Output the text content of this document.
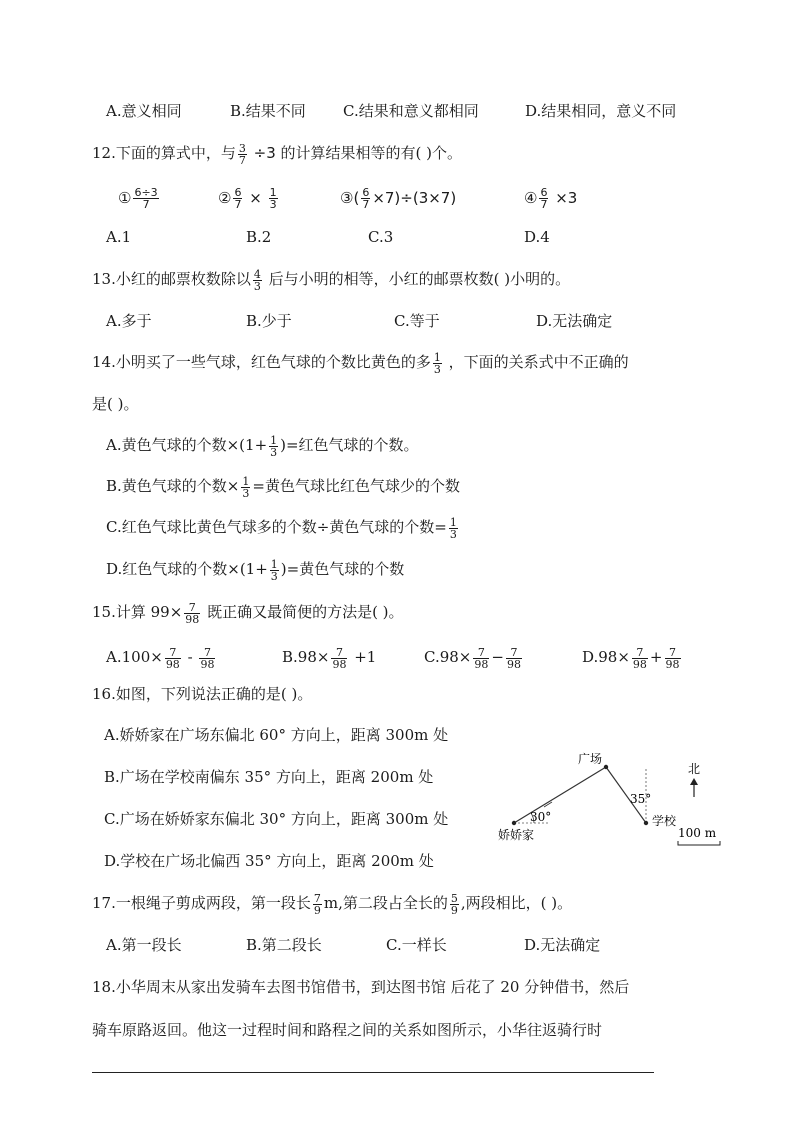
A.意义相同	B.结果不同 C.结果和意义都相同	D.结果相同，意义不同
12.下面的算式中，与 $\frac{3}{7} \div 3$ 的计算结果相等的有( )个。
① $\frac{6\div 3}{7}$	② $\frac{6}{7} \times \frac{1}{3}$	③( $\frac{6}{7} \times 7)\div(3\times 7)$	④ $\frac{6}{7} \times 3$
A.1	B.2	C.3	D.4
13.小红的邮票枚数除以 $\frac{4}{3}$ 后与小明的相等，小红的邮票枚数( )小明的。
A.多于	B.少于	C.等于	D.无法确定
14.小明买了一些气球，红色气球的个数比黄色的多 $\frac{1}{3}$ ，下面的关系式中不正确的
是( )。
A.黄色气球的个数$\times(1+ \frac{1}{3}$ )=红色气球的个数。
B.黄色气球的个数× $\frac{1}{3}$ =黄色气球比红色气球少的个数
C.红色气球比黄色气球多的个数÷黄色气球的个数= $\frac{1}{3}$
D.红色气球的个数$\times(1+ \frac{1}{3}$ )=黄色气球的个数
15.计算 $99\times \frac{7}{98}$ 既正确又最简便的方法是( )。
$A.100\times \frac{7}{98} - \frac{7}{98}$	$B.98\times \frac{7}{98} +1$	$C.98\times \frac{7}{98} - \frac{7}{98}$	$D.98\times \frac{7}{98} + \frac{7}{98}$
16.如图，下列说法正确的是( )。
A.娇娇家在广场东偏北 60° 方向上，距离 300m 处
B.广场在学校南偏东 35° 方向上，距离 200m 处
C.广场在娇娇家东偏北 30° 方向上，距离 300m 处
D.学校在广场北偏西 35° 方向上，距离 200m 处
广场
娇娇家
学校
30°
35°
北
100 m
17.一根绳子剪成两段，第一段长 $\frac{7}{9} m$,第二段占全长的 $\frac{5}{9}$ ,两段相比，( )。
A.第一段长	B.第二段长	C.一样长	D.无法确定
18.小华周末从家出发骑车去图书馆借书，到达图书馆 后花了 20 分钟借书，然后
骑车原路返回。他这一过程时间和路程之间的关系如图所示，小华往返骑行时
